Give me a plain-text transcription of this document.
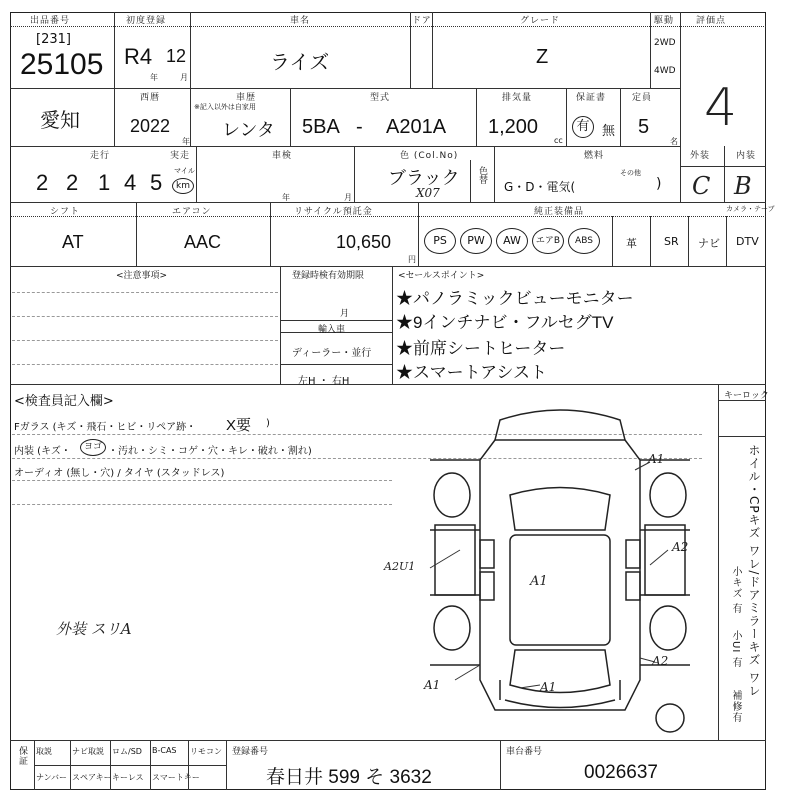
出品番号
[231]
25105
初度登録
R4 12
年	月
車名
ライズ
ドア	グレード
Z
駆動
2WD
4WD
評価点
4
愛知
西暦
2022
年
車歴
※記入以外は自家用
レンタ
型式
5BA - A201A
排気量
1,200
cc
保証書
有 無
定員
5
名
走行	実走
2 2 1 4 5 マイル
km
車検
年	月
色 (Col.No)
ブラック
X07
色替
燃料
G・D・電気(
その他
)
外装	内装
C B
シフト
AT
エアコン
AAC
リサイクル預託金
10,650
円
純正装備品	カメラ・テーブ
PS	PW	AW	エアB	ABS	革 SR ナビ DTV
<注意事項>	登録時検有効期限
月
輸入車
ディーラー・並行
左H ・ 右H
<セールスポイント>
★パノラミックビューモニター
★9インチナビ・フルセグTV
★前席シートヒーター
★スマートアシスト
<検査員記入欄>
Fガラス (キズ・飛石・ヒビ・リペア跡・ X要 )
内装 (キズ・	ヨゴ ・汚れ・シミ・コゲ・穴・キレ・破れ・割れ)
オーディオ (無し・穴) / タイヤ (スタッドレス)
外装 スリA
A1
A2
A2U1
A1
A2
A1	A1
キーロック
ホイル・CPキズ ワレ/ドアミラーキズ ワレ
小キズ 有
小UI 有
補修有
保証 取説	ナビ取説 ロム/SD B-CAS リモコン
ナンバー スペアキー キーレス スマートキー
登録番号
春日井 599 そ 3632
車台番号
0026637
